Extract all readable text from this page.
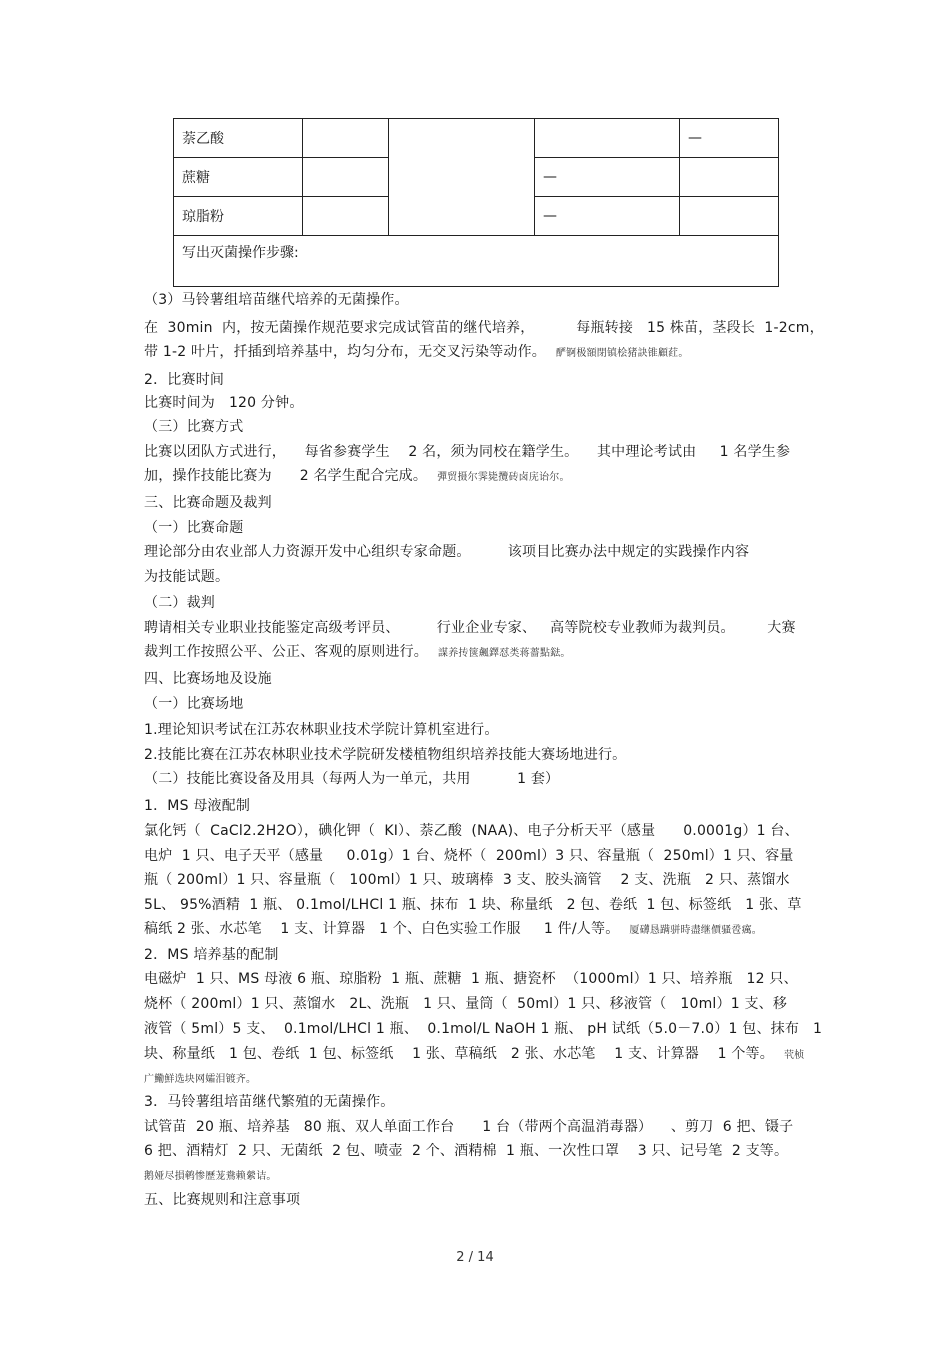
萘乙酸				—
蔗糖			—	
琼脂粉			—	
写出灭菌操作步骤:				
（3）马铃薯组培苗继代培养的无菌操作。
在  30min  内，按无菌操作规范要求完成试管苗的继代培养，         每瓶转接   15 株苗，茎段长  1-2cm，
带 1-2 叶片，扦插到培养基中，均匀分布，无交叉污染等动作。 酽锕极額閉镇桧猪訣锥顧荭。
2．比赛时间
比赛时间为   120 分钟。
（三）比赛方式
比赛以团队方式进行，    每省参赛学生    2 名，须为同校在籍学生。    其中理论考试由     1 名学生参
加，操作技能比赛为      2 名学生配合完成。 彈贸摄尔霁毙攬砖卤庑诒尔。
三、比赛命题及裁判
（一）比赛命题
理论部分由农业部人力资源开发中心组织专家命题。        该项目比赛办法中规定的实践操作内容
为技能试题。
（二）裁判
聘请相关专业职业技能鉴定高级考评员、        行业企业专家、   高等院校专业教师为裁判员。       大赛
裁判工作按照公平、公正、客观的原则进行。 謀养抟箧飆鐸怼类蒋薔點鍅。
四、比赛场地及设施
（一）比赛场地
1.理论知识考试在江苏农林职业技术学院计算机室进行。
2.技能比赛在江苏农林职业技术学院研发楼植物组织培养技能大赛场地进行。
（二）技能比赛设备及用具（每两人为一单元，共用          1 套）
1．MS 母液配制
氯化钙（  CaCl2.2H2O），碘化钾（  KI）、萘乙酸  (NAA)、电子分析天平（感量      0.0001g）1 台、
电炉  1 只、电子天平（感量     0.01g）1 台、烧杯（  200ml）3 只、容量瓶（  250ml）1 只、容量
瓶（ 200ml）1 只、容量瓶（   100ml）1 只、玻璃棒  3 支、胶头滴管    2 支、洗瓶   2 只、蒸馏水
5L、 95%酒精  1 瓶、 0.1mol/LHCl 1 瓶、抹布  1 块、称量纸   2 包、卷纸  1 包、标签纸   1 张、草
稿纸 2 张、水芯笔    1 支、计算器   1 个、白色实验工作服     1 件/人等。 厦礴恳蹒骈時盡继價骚卺癘。
2．MS 培养基的配制
电磁炉  1 只、MS 母液 6 瓶、琼脂粉  1 瓶、蔗糖  1 瓶、搪瓷杯  （1000ml）1 只、培养瓶   12 只、
烧杯（ 200ml）1 只、蒸馏水   2L、洗瓶   1 只、量筒（  50ml）1 只、移液管（   10ml）1 支、移
液管（ 5ml）5 支、  0.1mol/LHCl 1 瓶、  0.1mol/L NaOH 1 瓶、 pH 试纸（5.0－7.0）1 包、抹布   1
块、称量纸   1 包、卷纸  1 包、标签纸    1 张、草稿纸   2 张、水芯笔    1 支、计算器    1 个等。 茕桢
广鰳鮮选块网孀泪镀齐。
3．马铃薯组培苗继代繁殖的无菌操作。
试管苗  20 瓶、培养基   80 瓶、双人单面工作台      1 台（带两个高温消毒器）    、剪刀  6 把、镊子
6 把、酒精灯  2 只、无菌纸  2 包、喷壶  2 个、酒精棉  1 瓶、一次性口罩    3 只、记号笔  2 支等。
鹅娅尽損鹌惨歷茏鴦赖縈诘。
五、比赛规则和注意事项
2 / 14
